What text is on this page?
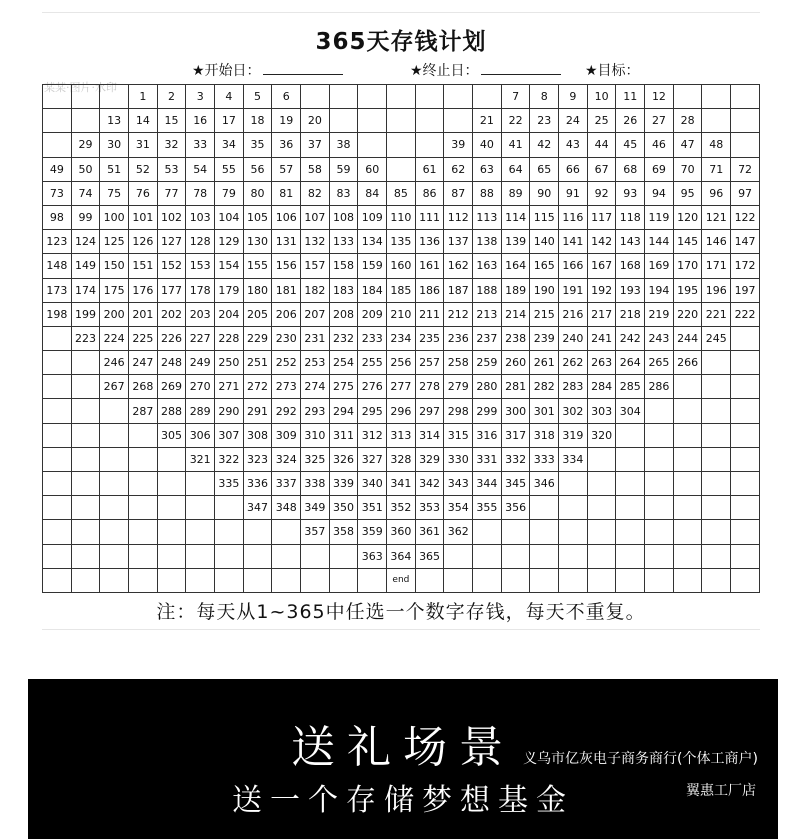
365天存钱计划
某某·图片·水印
★开始日：	★终止日：	★目标：
			1	2	3	4	5	6								7	8	9	10	11	12			
		13	14	15	16	17	18	19	20						21	22	23	24	25	26	27	28		
	29	30	31	32	33	34	35	36	37	38				39	40	41	42	43	44	45	46	47	48	
49	50	51	52	53	54	55	56	57	58	59	60		61	62	63	64	65	66	67	68	69	70	71	72
73	74	75	76	77	78	79	80	81	82	83	84	85	86	87	88	89	90	91	92	93	94	95	96	97
98	99	100	101	102	103	104	105	106	107	108	109	110	111	112	113	114	115	116	117	118	119	120	121	122
123	124	125	126	127	128	129	130	131	132	133	134	135	136	137	138	139	140	141	142	143	144	145	146	147
148	149	150	151	152	153	154	155	156	157	158	159	160	161	162	163	164	165	166	167	168	169	170	171	172
173	174	175	176	177	178	179	180	181	182	183	184	185	186	187	188	189	190	191	192	193	194	195	196	197
198	199	200	201	202	203	204	205	206	207	208	209	210	211	212	213	214	215	216	217	218	219	220	221	222
	223	224	225	226	227	228	229	230	231	232	233	234	235	236	237	238	239	240	241	242	243	244	245	
		246	247	248	249	250	251	252	253	254	255	256	257	258	259	260	261	262	263	264	265	266		
		267	268	269	270	271	272	273	274	275	276	277	278	279	280	281	282	283	284	285	286			
			287	288	289	290	291	292	293	294	295	296	297	298	299	300	301	302	303	304				
				305	306	307	308	309	310	311	312	313	314	315	316	317	318	319	320					
					321	322	323	324	325	326	327	328	329	330	331	332	333	334						
						335	336	337	338	339	340	341	342	343	344	345	346							
							347	348	349	350	351	352	353	354	355	356								
									357	358	359	360	361	362										
											363	364	365											
												end												
注：每天从1~365中任选一个数字存钱，每天不重复。
送礼场景
送一个存储梦想基金
义乌市亿灰电子商务商行(个体工商户)
翼惠工厂店
